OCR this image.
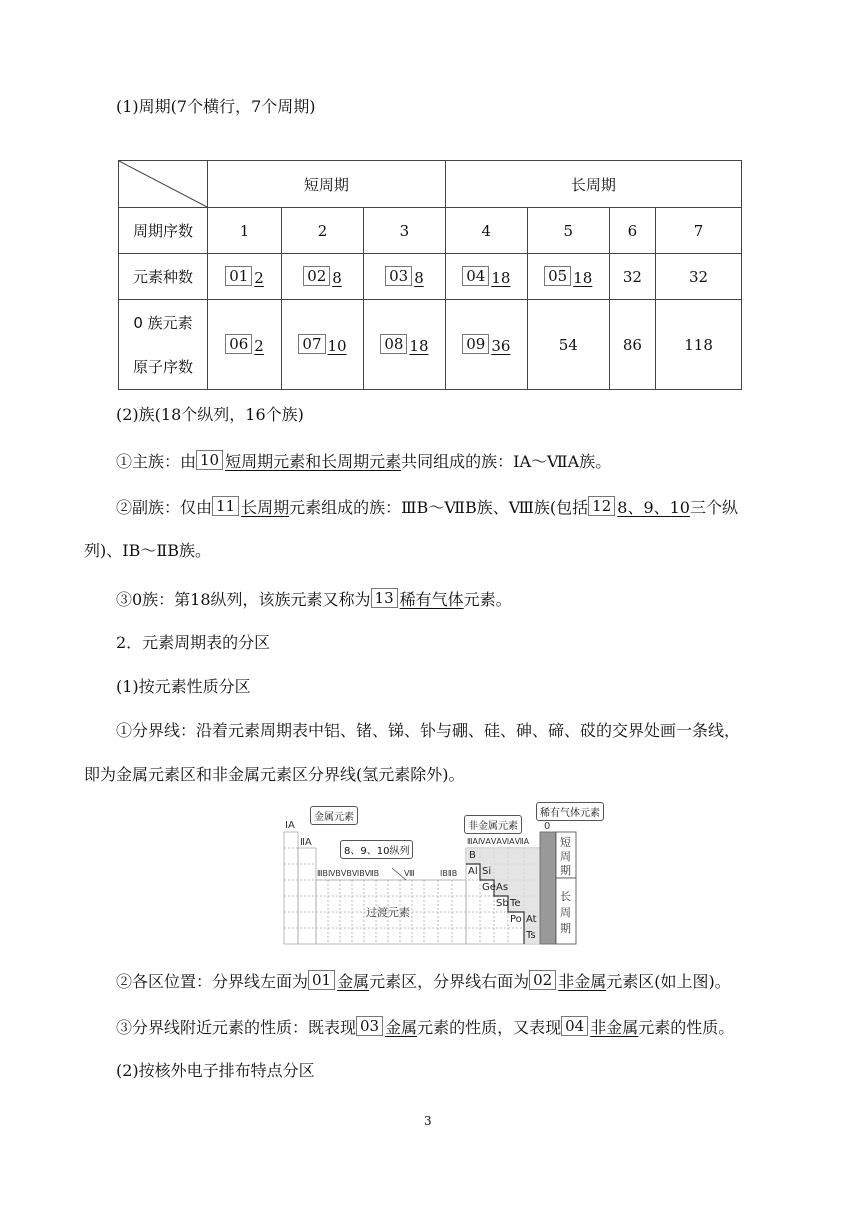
(1)周期(7个横行，7个周期)
	短周期			长周期			
周期序数	1	2	3	4	5	6	7
元素种数	01 2	02 8	03 8	04 18	05 18	32	32

0 族元素
原子序数	06 2	07 10	08 18	09 36	54	86	118
(2)族(18个纵列，16个族)
①主族：由 10 短周期元素和长周期元素共同组成的族：ⅠA～ⅦA族。
②副族：仅由 11 长周期元素组成的族：ⅢB～ⅦB族、Ⅷ族(包括 12 8、9、10三个纵
列)、ⅠB～ⅡB族。
③0族：第18纵列，该族元素又称为 13 稀有气体元素。
2．元素周期表的分区
(1)按元素性质分区
①分界线：沿着元素周期表中铝、锗、锑、钋与硼、硅、砷、碲、砹的交界处画一条线，
即为金属元素区和非金属元素区分界线(氢元素除外)。
ⅠA
ⅡA
ⅢBⅣBⅤBⅥBⅦB	Ⅷ	ⅠBⅡB
ⅢAⅣAⅤAⅥAⅦA
0
金属元素
非金属元素
稀有气体元素
8、9、10纵列
过渡元素
B
Al Si
Ge As
Sb Te
Po At
Ts
短
周
期
长
周
期
②各区位置：分界线左面为 01 金属元素区，分界线右面为 02 非金属元素区(如上图)。
③分界线附近元素的性质：既表现 03 金属元素的性质，又表现 04 非金属元素的性质。
(2)按核外电子排布特点分区
3
